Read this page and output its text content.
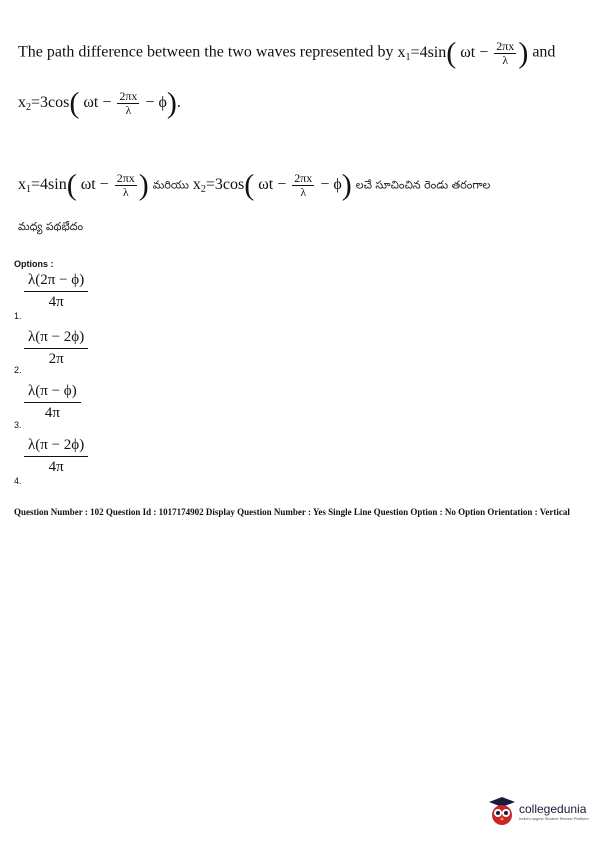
The path difference between the two waves represented by $x_1=4\sin$( $\omega t - \frac{2\pi x}{\lambda}$ ) and
$x_2=3\cos$( $\omega t - \frac{2\pi x}{\lambda} - \phi$).
$x_1=4\sin$( $\omega t - \frac{2\pi x}{\lambda}$ ) మరియు $x_2=3\cos$( $\omega t - \frac{2\pi x}{\lambda} - \phi$) లచే సూచించిన రెండు తరంగాల
మధ్య పథభేదం
Options :
$\frac{\lambda(2\pi - \phi)}{4\pi}$
1.
$\frac{\lambda(\pi - 2\phi)}{2\pi}$
2.
$\frac{\lambda(\pi - \phi)}{4\pi}$
3.
$\frac{\lambda(\pi - 2\phi)}{4\pi}$
4.
Question Number : 102 Question Id : 1017174902 Display Question Number : Yes Single Line Question Option : No Option Orientation : Vertical
collegedunia
India's largest Student Review Platform
